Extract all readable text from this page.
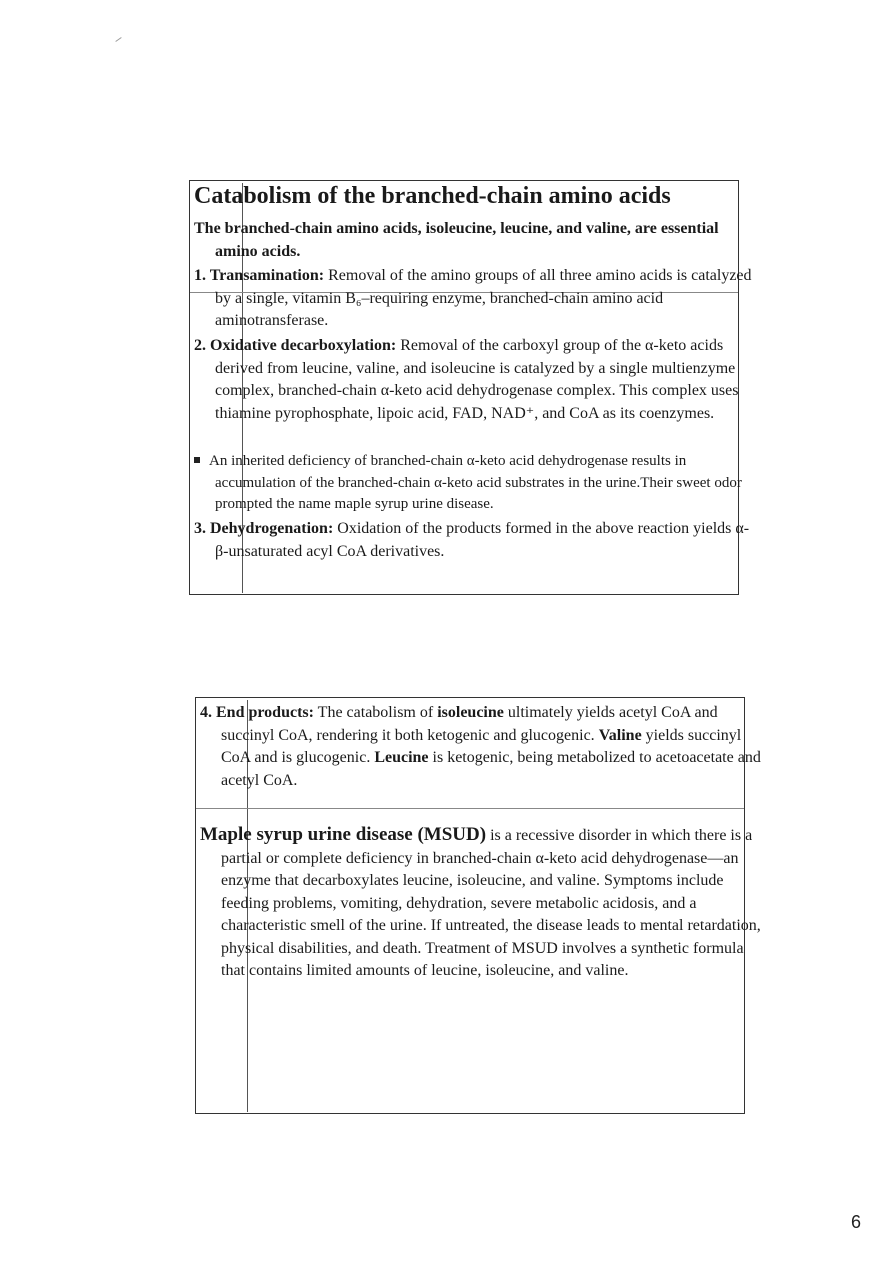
Catabolism of the branched-chain amino acids

The branched-chain amino acids, isoleucine, leucine, and valine, are essential amino acids.

1. Transamination: Removal of the amino groups of all three amino acids is catalyzed by a single, vitamin B₆–requiring enzyme, branched-chain amino acid aminotransferase.

2. Oxidative decarboxylation: Removal of the carboxyl group of the α-keto acids derived from leucine, valine, and isoleucine is catalyzed by a single multienzyme complex, branched-chain α-keto acid dehydrogenase complex. This complex uses thiamine pyrophosphate, lipoic acid, FAD, NAD⁺, and CoA as its coenzymes.

An inherited deficiency of branched-chain α-keto acid dehydrogenase results in accumulation of the branched-chain α-keto acid substrates in the urine.Their sweet odor prompted the name maple syrup urine disease.

3. Dehydrogenation: Oxidation of the products formed in the above reaction yields α-β-unsaturated acyl CoA derivatives.

4. End products: The catabolism of isoleucine ultimately yields acetyl CoA and succinyl CoA, rendering it both ketogenic and glucogenic. Valine yields succinyl CoA and is glucogenic. Leucine is ketogenic, being metabolized to acetoacetate and acetyl CoA.

Maple syrup urine disease (MSUD) is a recessive disorder in which there is a partial or complete deficiency in branched-chain α-keto acid dehydrogenase—an enzyme that decarboxylates leucine, isoleucine, and valine. Symptoms include feeding problems, vomiting, dehydration, severe metabolic acidosis, and a characteristic smell of the urine. If untreated, the disease leads to mental retardation, physical disabilities, and death. Treatment of MSUD involves a synthetic formula that contains limited amounts of leucine, isoleucine, and valine.

6
